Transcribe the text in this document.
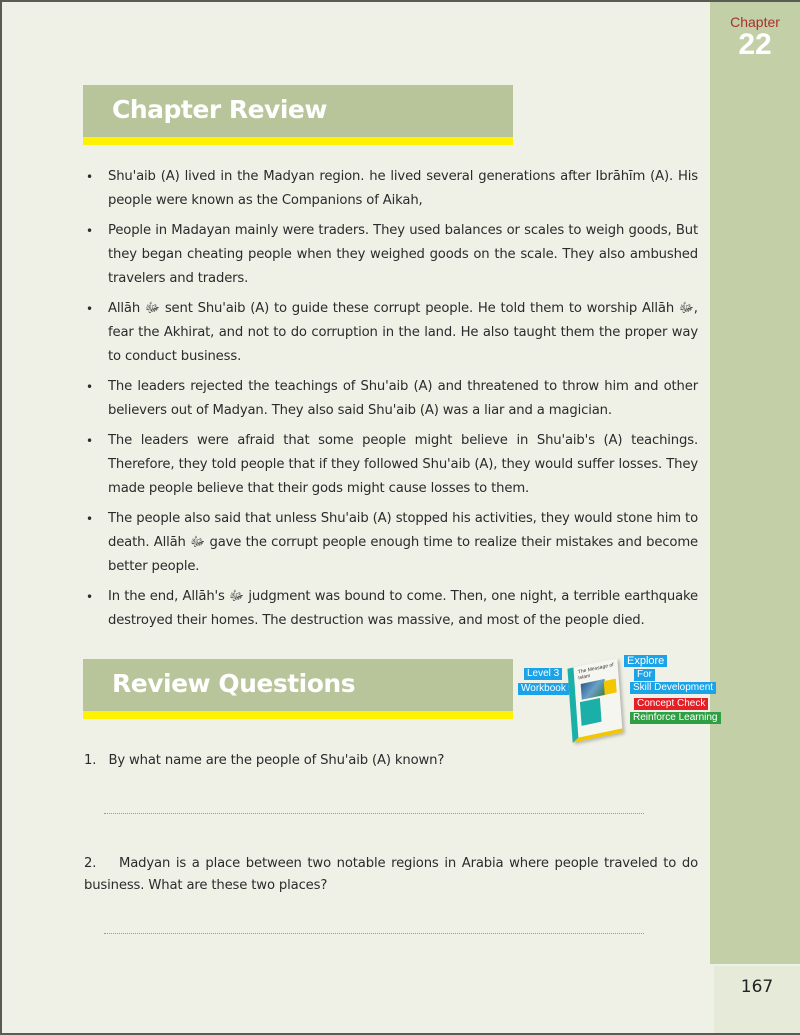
Chapter
22
Chapter Review
• Shu'aib (A) lived in the Madyan region. he lived several generations after Ibrāhīm (A). His people were known as the Companions of Aikah,
• People in Madayan mainly were traders. They used balances or scales to weigh goods, But they began cheating people when they weighed goods on the scale. They also ambushed travelers and traders.
• Allāh ﷻ sent Shu'aib (A) to guide these corrupt people. He told them to worship Allāh ﷻ, fear the Akhirat, and not to do corruption in the land. He also taught them the proper way to conduct business.
• The leaders rejected the teachings of Shu'aib (A) and threatened to throw him and other believers out of Madyan. They also said Shu'aib (A) was a liar and a magician.
• The leaders were afraid that some people might believe in Shu'aib's (A) teachings. Therefore, they told people that if they followed Shu'aib (A), they would suffer losses. They made people believe that their gods might cause losses to them.
• The people also said that unless Shu'aib (A) stopped his activities, they would stone him to death. Allāh ﷻ gave the corrupt people enough time to realize their mistakes and become better people.
• In the end, Allāh's ﷻ judgment was bound to come. Then, one night, a terrible earthquake destroyed their homes. The destruction was massive, and most of the people died.
Review Questions	Level 3
Workbook
The Message of Islam
Explore
For
Skill Development
Concept Check
Reinforce Learning
1. By what name are the people of Shu'aib (A) known?
2. Madyan is a place between two notable regions in Arabia where people traveled to do business. What are these two places?
167
